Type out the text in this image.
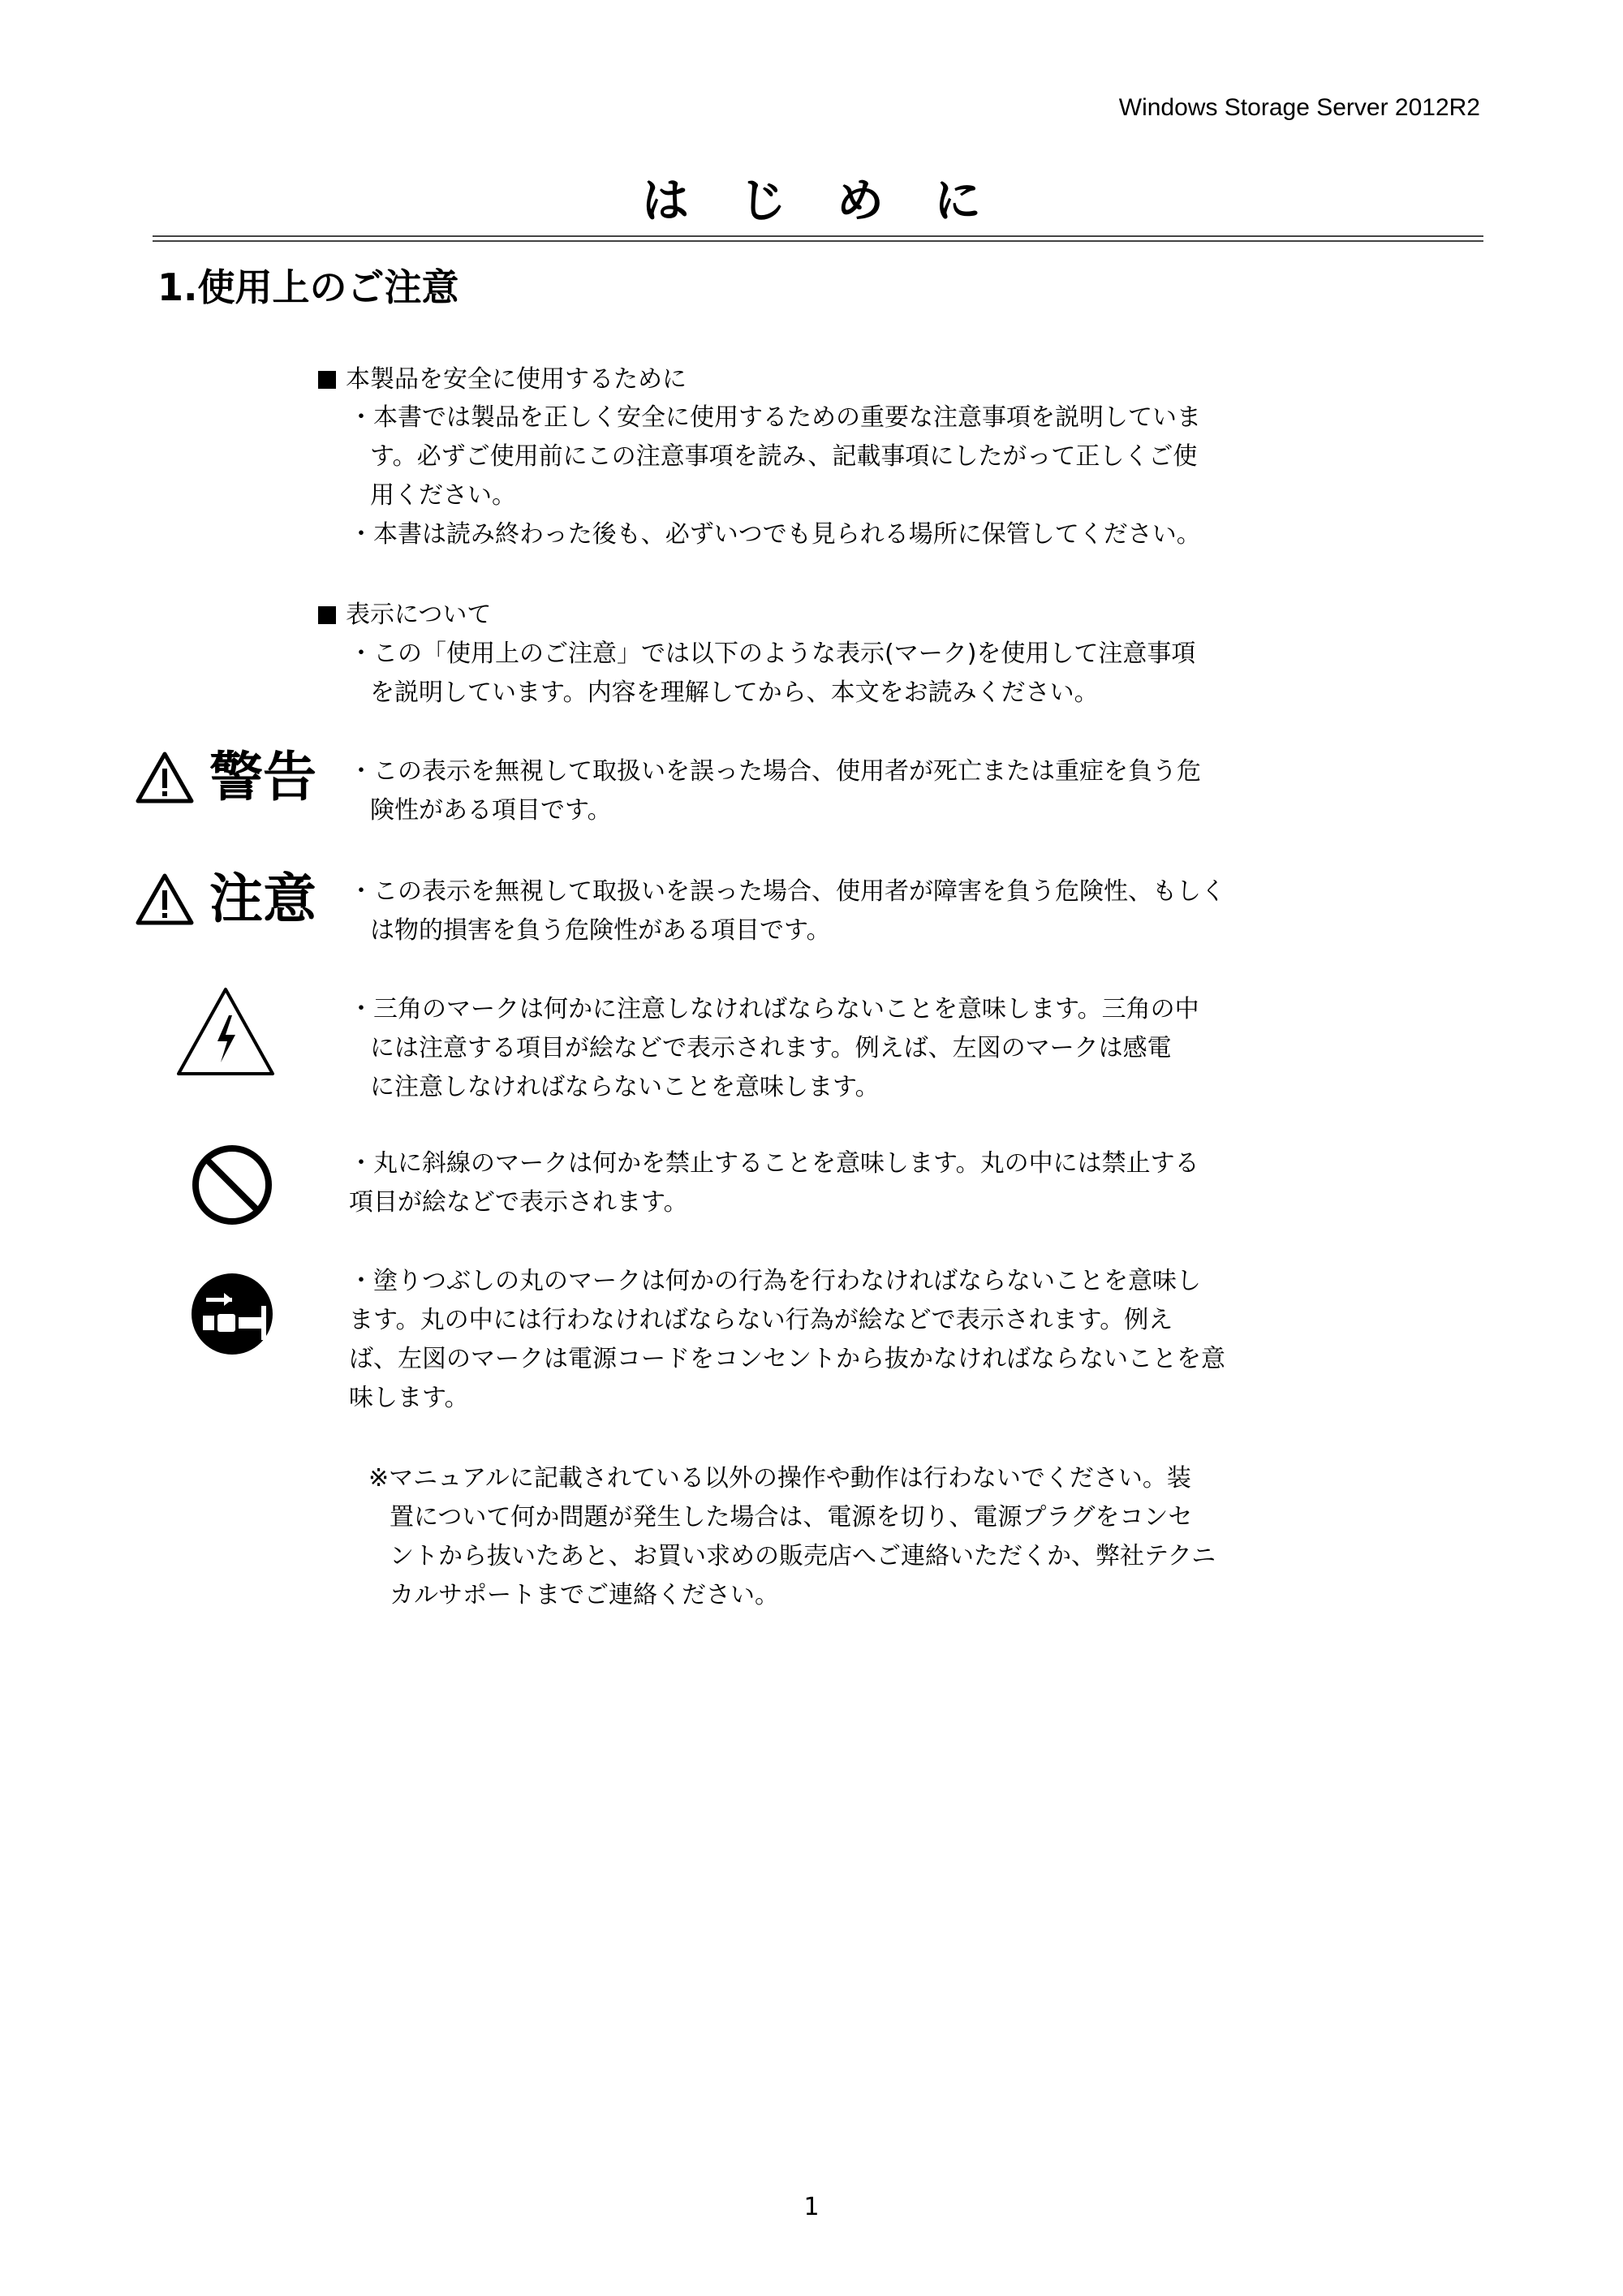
Windows Storage Server 2012R2
はじめに
1.使用上のご注意
本製品を安全に使用するために
・本書では製品を正しく安全に使用するための重要な注意事項を説明していま
す。必ずご使用前にこの注意事項を読み、記載事項にしたがって正しくご使
用ください。
・本書は読み終わった後も、必ずいつでも見られる場所に保管してください。
表示について
・この「使用上のご注意」では以下のような表示(マーク)を使用して注意事項
を説明しています。内容を理解してから、本文をお読みください。
警告 ・この表示を無視して取扱いを誤った場合、使用者が死亡または重症を負う危
険性がある項目です。
注意 ・この表示を無視して取扱いを誤った場合、使用者が障害を負う危険性、もしく
は物的損害を負う危険性がある項目です。
・三角のマークは何かに注意しなければならないことを意味します。三角の中
には注意する項目が絵などで表示されます。例えば、左図のマークは感電
に注意しなければならないことを意味します。
・丸に斜線のマークは何かを禁止することを意味します。丸の中には禁止する
項目が絵などで表示されます。
・塗りつぶしの丸のマークは何かの行為を行わなければならないことを意味し
ます。丸の中には行わなければならない行為が絵などで表示されます。例え
ば、左図のマークは電源コードをコンセントから抜かなければならないことを意
味します。
※マニュアルに記載されている以外の操作や動作は行わないでください。装
置について何か問題が発生した場合は、電源を切り、電源プラグをコンセ
ントから抜いたあと、お買い求めの販売店へご連絡いただくか、弊社テクニ
カルサポートまでご連絡ください。
1
